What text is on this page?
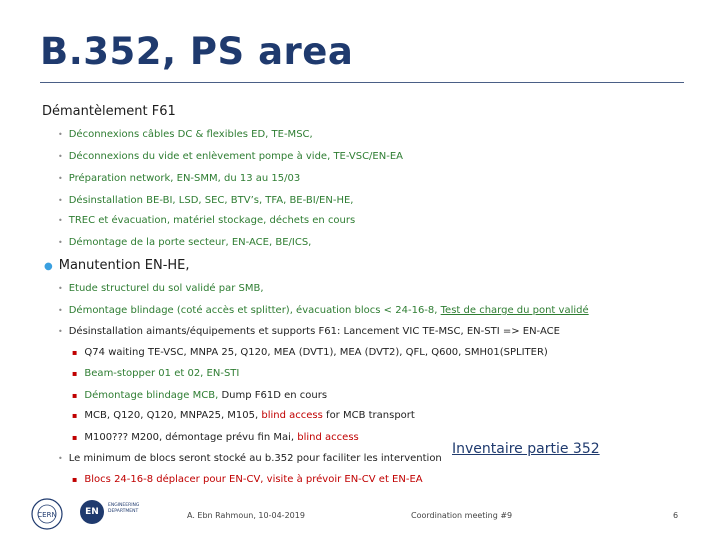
B.352, PS area
Démantèlement F61
• Déconnexions câbles DC & flexibles ED, TE-MSC,
• Déconnexions du vide et enlèvement pompe à vide, TE-VSC/EN-EA
• Préparation network, EN-SMM, du 13 au 15/03
• Désinstallation BE-BI, LSD, SEC, BTV’s, TFA, BE-BI/EN-HE,
• TREC et évacuation, matériel stockage, déchets en cours
• Démontage de la porte secteur, EN-ACE, BE/ICS,
● Manutention EN-HE,
• Etude structurel du sol validé par SMB,
• Démontage blindage (coté accès et splitter), évacuation blocs < 24-16-8, Test de charge du pont validé
• Désinstallation aimants/équipements et supports F61: Lancement VIC TE-MSC, EN-STI => EN-ACE
▪ Q74 waiting TE-VSC, MNPA 25, Q120, MEA (DVT1), MEA (DVT2), QFL, Q600, SMH01(SPLITER)
▪ Beam-stopper 01 et 02, EN-STI
▪ Démontage blindage MCB, Dump F61D en cours
▪ MCB, Q120, Q120, MNPA25, M105, blind access for MCB transport
▪ M100??? M200, démontage prévu fin Mai, blind access
• Le minimum de blocs seront stocké au b.352 pour faciliter les intervention
▪ Blocs 24-16-8 déplacer pour EN-CV, visite à prévoir EN-CV et EN-EA
Inventaire partie 352
CERN	EN
ENGINEERING DEPARTMENT	A. Ebn Rahmoun, 10-04-2019	Coordination meeting #9	6
